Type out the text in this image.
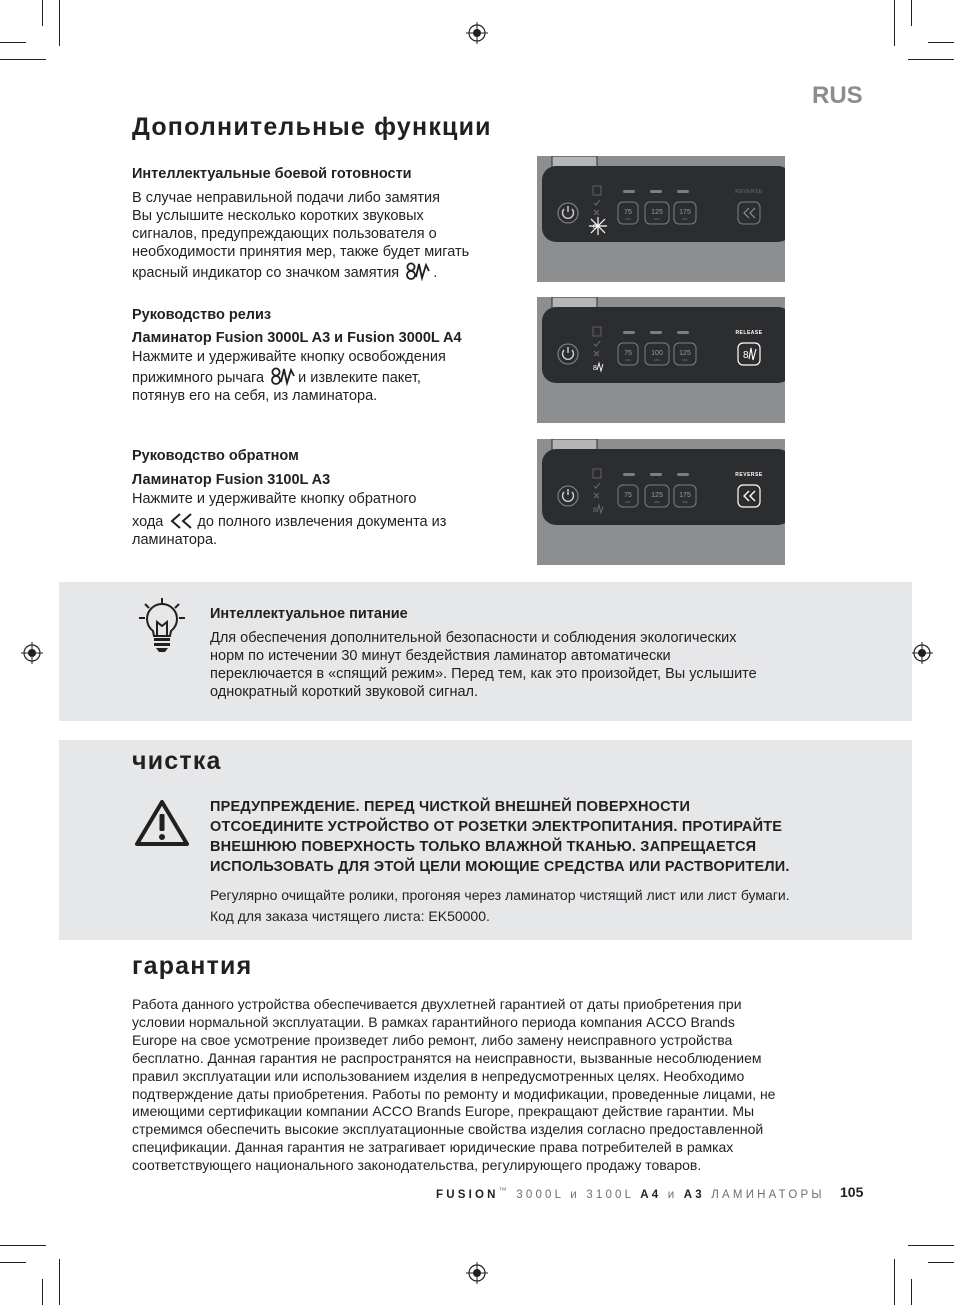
RUS
Дополнительные функции
Интеллектуальные боевой готовности
В случае неправильной подачи либо замятия
Вы услышите несколько коротких звуковых
сигналов, предупреждающих пользователя о
необходимости принятия мер, также будет мигать
красный индикатор со значком замятия .
Руководство релиз
Ламинатор Fusion 3000L A3 и Fusion 3000L A4
Нажмите и удерживайте кнопку освобождения
прижимного рычага и извлеките пакет,
потянув его на себя, из ламинатора.
Руководство обратном
Ламинатор Fusion 3100L A3
Нажмите и удерживайте кнопку обратного
хода до полного извлечения документа из
ламинатора.
8
75	125 175
MIC	MIC	MIC
REVERSE
8
75	100 125
MIC	MIC	MIC
RELEASE
8
8
75	125 175
MIC	MIC	MIC
REVERSE
Интеллектуальное питание
Для обеспечения дополнительной безопасности и соблюдения экологических
норм по истечении 30 минут бездействия ламинатор автоматически
переключается в «спящий режим». Перед тем, как это произойдет, Вы услышите
однократный короткий звуковой сигнал.
чистка
ПРЕДУПРЕЖДЕНИЕ. ПЕРЕД ЧИСТКОЙ ВНЕШНЕЙ ПОВЕРХНОСТИ
ОТСОЕДИНИТЕ УСТРОЙСТВО ОТ РОЗЕТКИ ЭЛЕКТРОПИТАНИЯ. ПРОТИРАЙТЕ
ВНЕШНЮЮ ПОВЕРХНОСТЬ ТОЛЬКО ВЛАЖНОЙ ТКАНЬЮ. ЗАПРЕЩАЕТСЯ
ИСПОЛЬЗОВАТЬ ДЛЯ ЭТОЙ ЦЕЛИ МОЮЩИЕ СРЕДСТВА ИЛИ РАСТВОРИТЕЛИ.
Регулярно очищайте ролики, прогоняя через ламинатор чистящий лист или лист бумаги.
Код для заказа чистящего листа: EK50000.
гарантия
Работа данного устройства обеспечивается двухлетней гарантией от даты приобретения при
условии нормальной эксплуатации. В рамках гарантийного периода компания ACCO Brands
Europe на свое усмотрение произведет либо ремонт, либо замену неисправного устройства
бесплатно. Данная гарантия не распространятся на неисправности, вызванные несоблюдением
правил эксплуатации или использованием изделия в непредусмотренных целях. Необходимо
подтверждение даты приобретения. Работы по ремонту и модификации, проведенные лицами, не
имеющими сертификации компании ACCO Brands Europe, прекращают действие гарантии. Мы
стремимся обеспечить высокие эксплуатационные свойства изделия согласно предоставленной
спецификации. Данная гарантия не затрагивает юридические права потребителей в рамках
соответствующего национального законодательства, регулирующего продажу товаров.
FUSION™ 3000L и 3100L A4 и A3 ЛАМИНАТОРЫ 105
